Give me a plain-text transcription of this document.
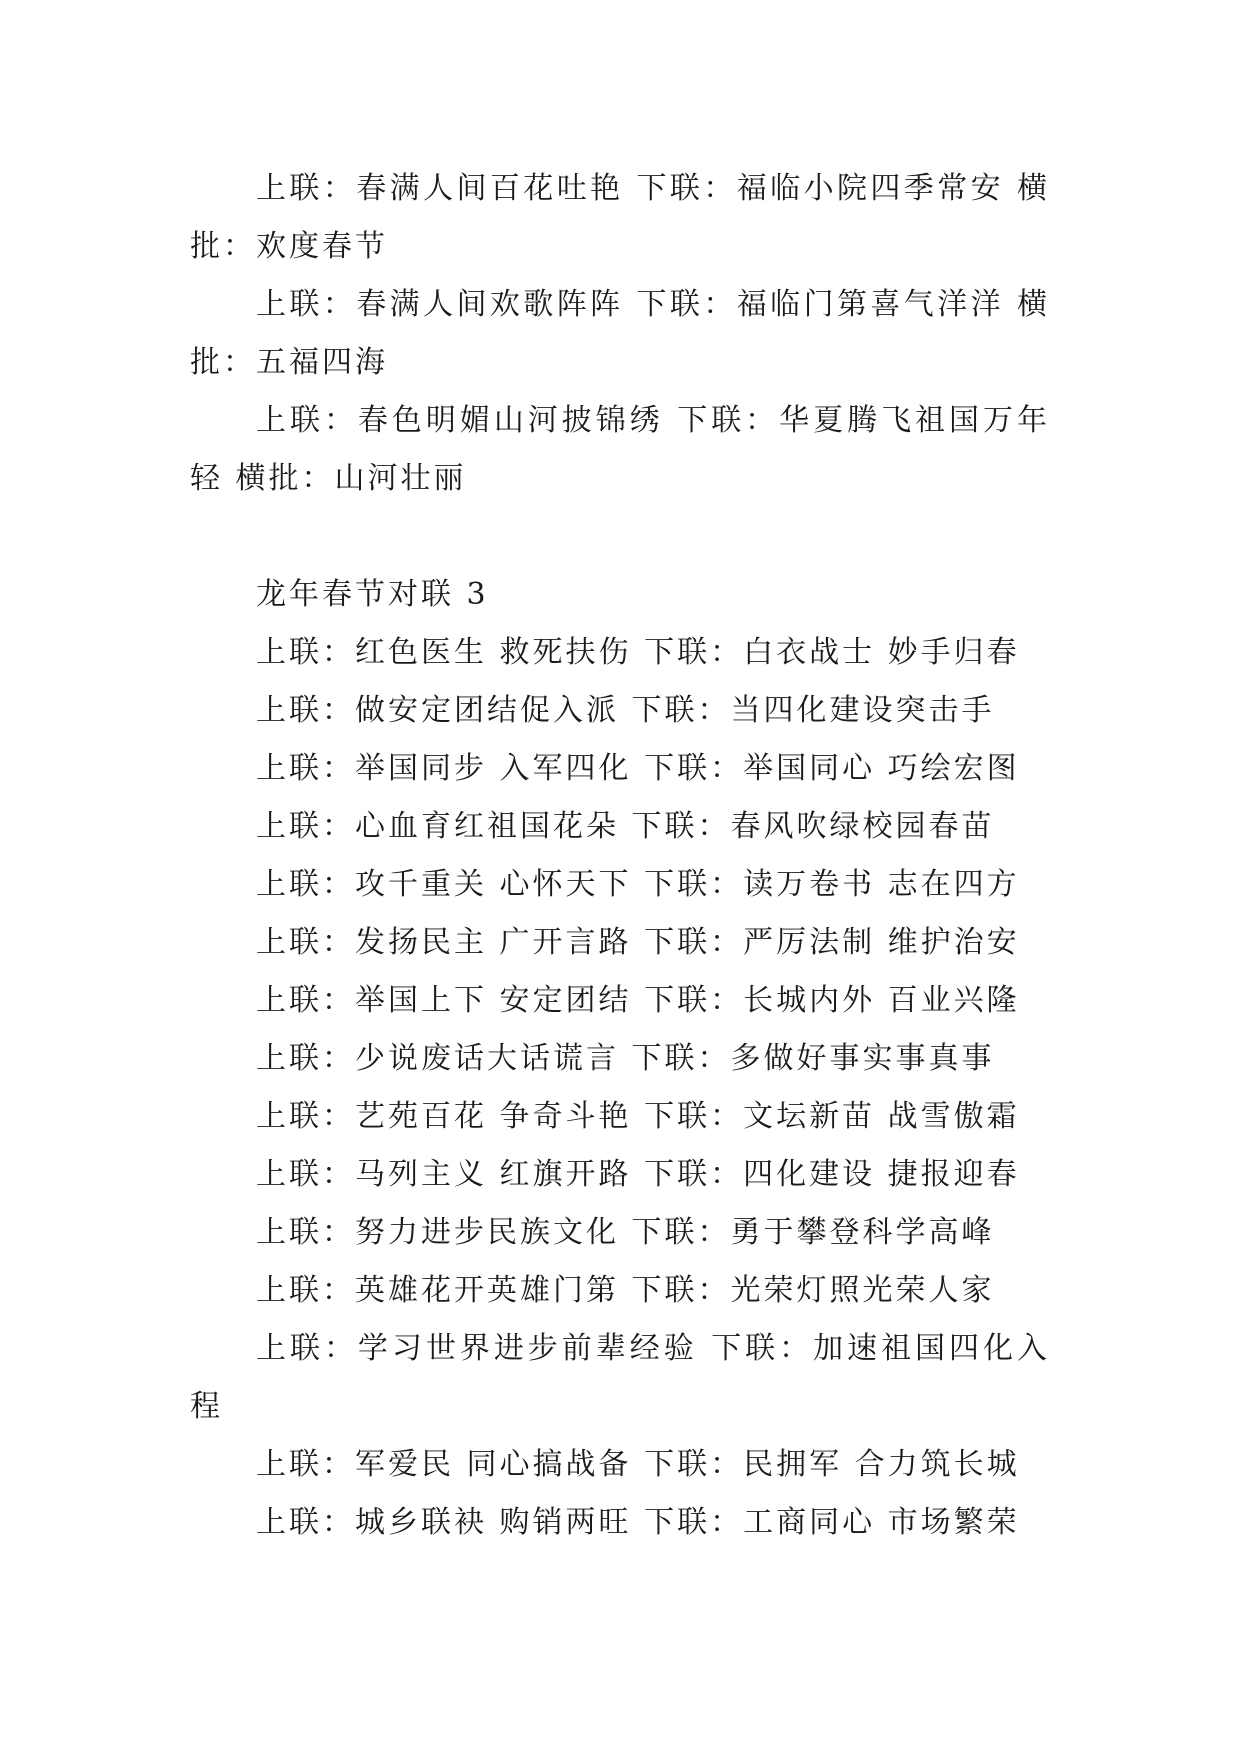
上联：春满人间百花吐艳 下联：福临小院四季常安 横批：欢度春节

上联：春满人间欢歌阵阵 下联：福临门第喜气洋洋 横批：五福四海

上联：春色明媚山河披锦绣 下联：华夏腾飞祖国万年轻 横批：山河壮丽

龙年春节对联 3

上联：红色医生 救死扶伤 下联：白衣战士 妙手归春

上联：做安定团结促入派 下联：当四化建设突击手

上联：举国同步 入军四化 下联：举国同心 巧绘宏图

上联：心血育红祖国花朵 下联：春风吹绿校园春苗

上联：攻千重关 心怀天下 下联：读万卷书 志在四方

上联：发扬民主 广开言路 下联：严厉法制 维护治安

上联：举国上下 安定团结 下联：长城内外 百业兴隆

上联：少说废话大话谎言 下联：多做好事实事真事

上联：艺苑百花 争奇斗艳 下联：文坛新苗 战雪傲霜

上联：马列主义 红旗开路 下联：四化建设 捷报迎春

上联：努力进步民族文化 下联：勇于攀登科学高峰

上联：英雄花开英雄门第 下联：光荣灯照光荣人家

上联：学习世界进步前辈经验 下联：加速祖国四化入程

上联：军爱民 同心搞战备 下联：民拥军 合力筑长城

上联：城乡联袂 购销两旺 下联：工商同心 市场繁荣
